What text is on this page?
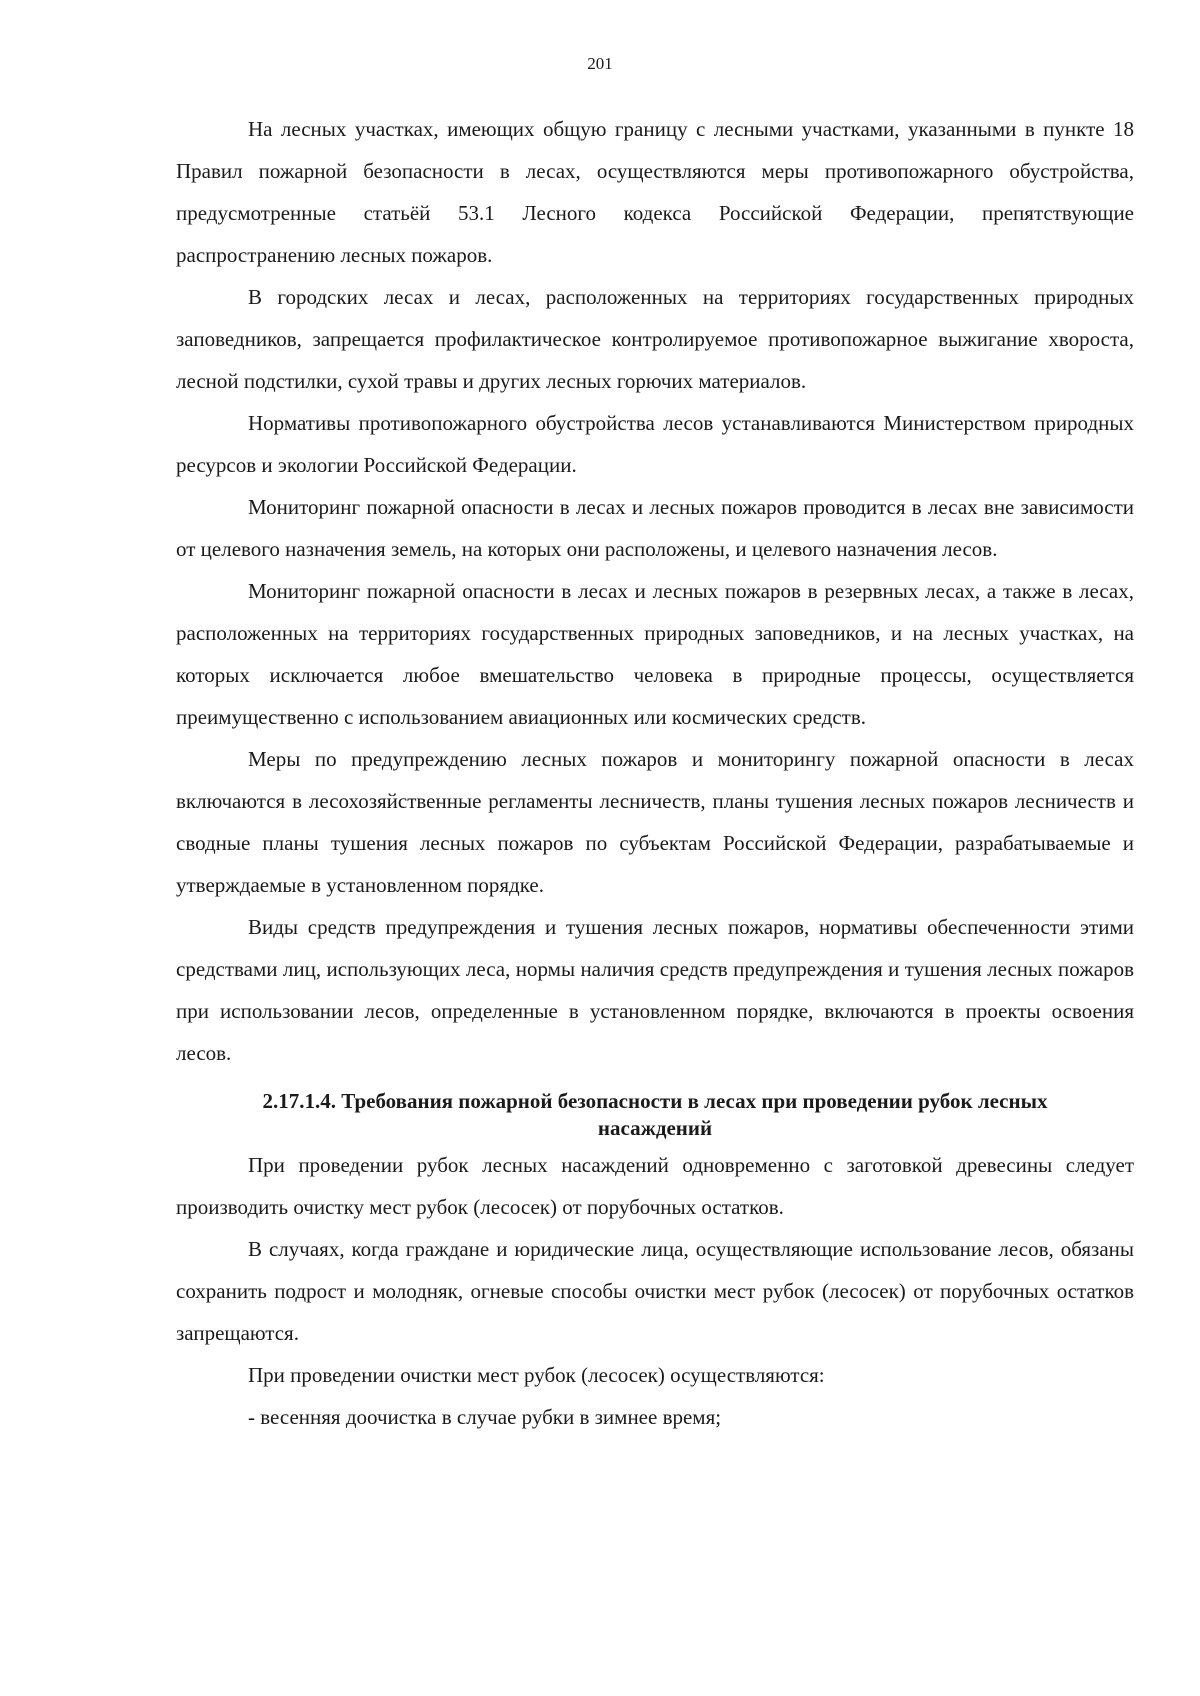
201

На лесных участках, имеющих общую границу с лесными участками, указанными в пункте 18 Правил пожарной безопасности в лесах, осуществляются меры противопожарного обустройства, предусмотренные статьёй 53.1 Лесного кодекса Российской Федерации, препятствующие распространению лесных пожаров.

В городских лесах и лесах, расположенных на территориях государственных природных заповедников, запрещается профилактическое контролируемое противопожарное выжигание хвороста, лесной подстилки, сухой травы и других лесных горючих материалов.

Нормативы противопожарного обустройства лесов устанавливаются Министерством природных ресурсов и экологии Российской Федерации.

Мониторинг пожарной опасности в лесах и лесных пожаров проводится в лесах вне зависимости от целевого назначения земель, на которых они расположены, и целевого назначения лесов.

Мониторинг пожарной опасности в лесах и лесных пожаров в резервных лесах, а также в лесах, расположенных на территориях государственных природных заповедников, и на лесных участках, на которых исключается любое вмешательство человека в природные процессы, осуществляется преимущественно с использованием авиационных или космических средств.

Меры по предупреждению лесных пожаров и мониторингу пожарной опасности в лесах включаются в лесохозяйственные регламенты лесничеств, планы тушения лесных пожаров лесничеств и сводные планы тушения лесных пожаров по субъектам Российской Федерации, разрабатываемые и утверждаемые в установленном порядке.

Виды средств предупреждения и тушения лесных пожаров, нормативы обеспеченности этими средствами лиц, использующих леса, нормы наличия средств предупреждения и тушения лесных пожаров при использовании лесов, определенные в установленном порядке, включаются в проекты освоения лесов.

2.17.1.4. Требования пожарной безопасности в лесах при проведении рубок лесных
насаждений

При проведении рубок лесных насаждений одновременно с заготовкой древесины следует производить очистку мест рубок (лесосек) от порубочных остатков.

В случаях, когда граждане и юридические лица, осуществляющие использование лесов, обязаны сохранить подрост и молодняк, огневые способы очистки мест рубок (лесосек) от порубочных остатков запрещаются.

При проведении очистки мест рубок (лесосек) осуществляются:

- весенняя доочистка в случае рубки в зимнее время;
